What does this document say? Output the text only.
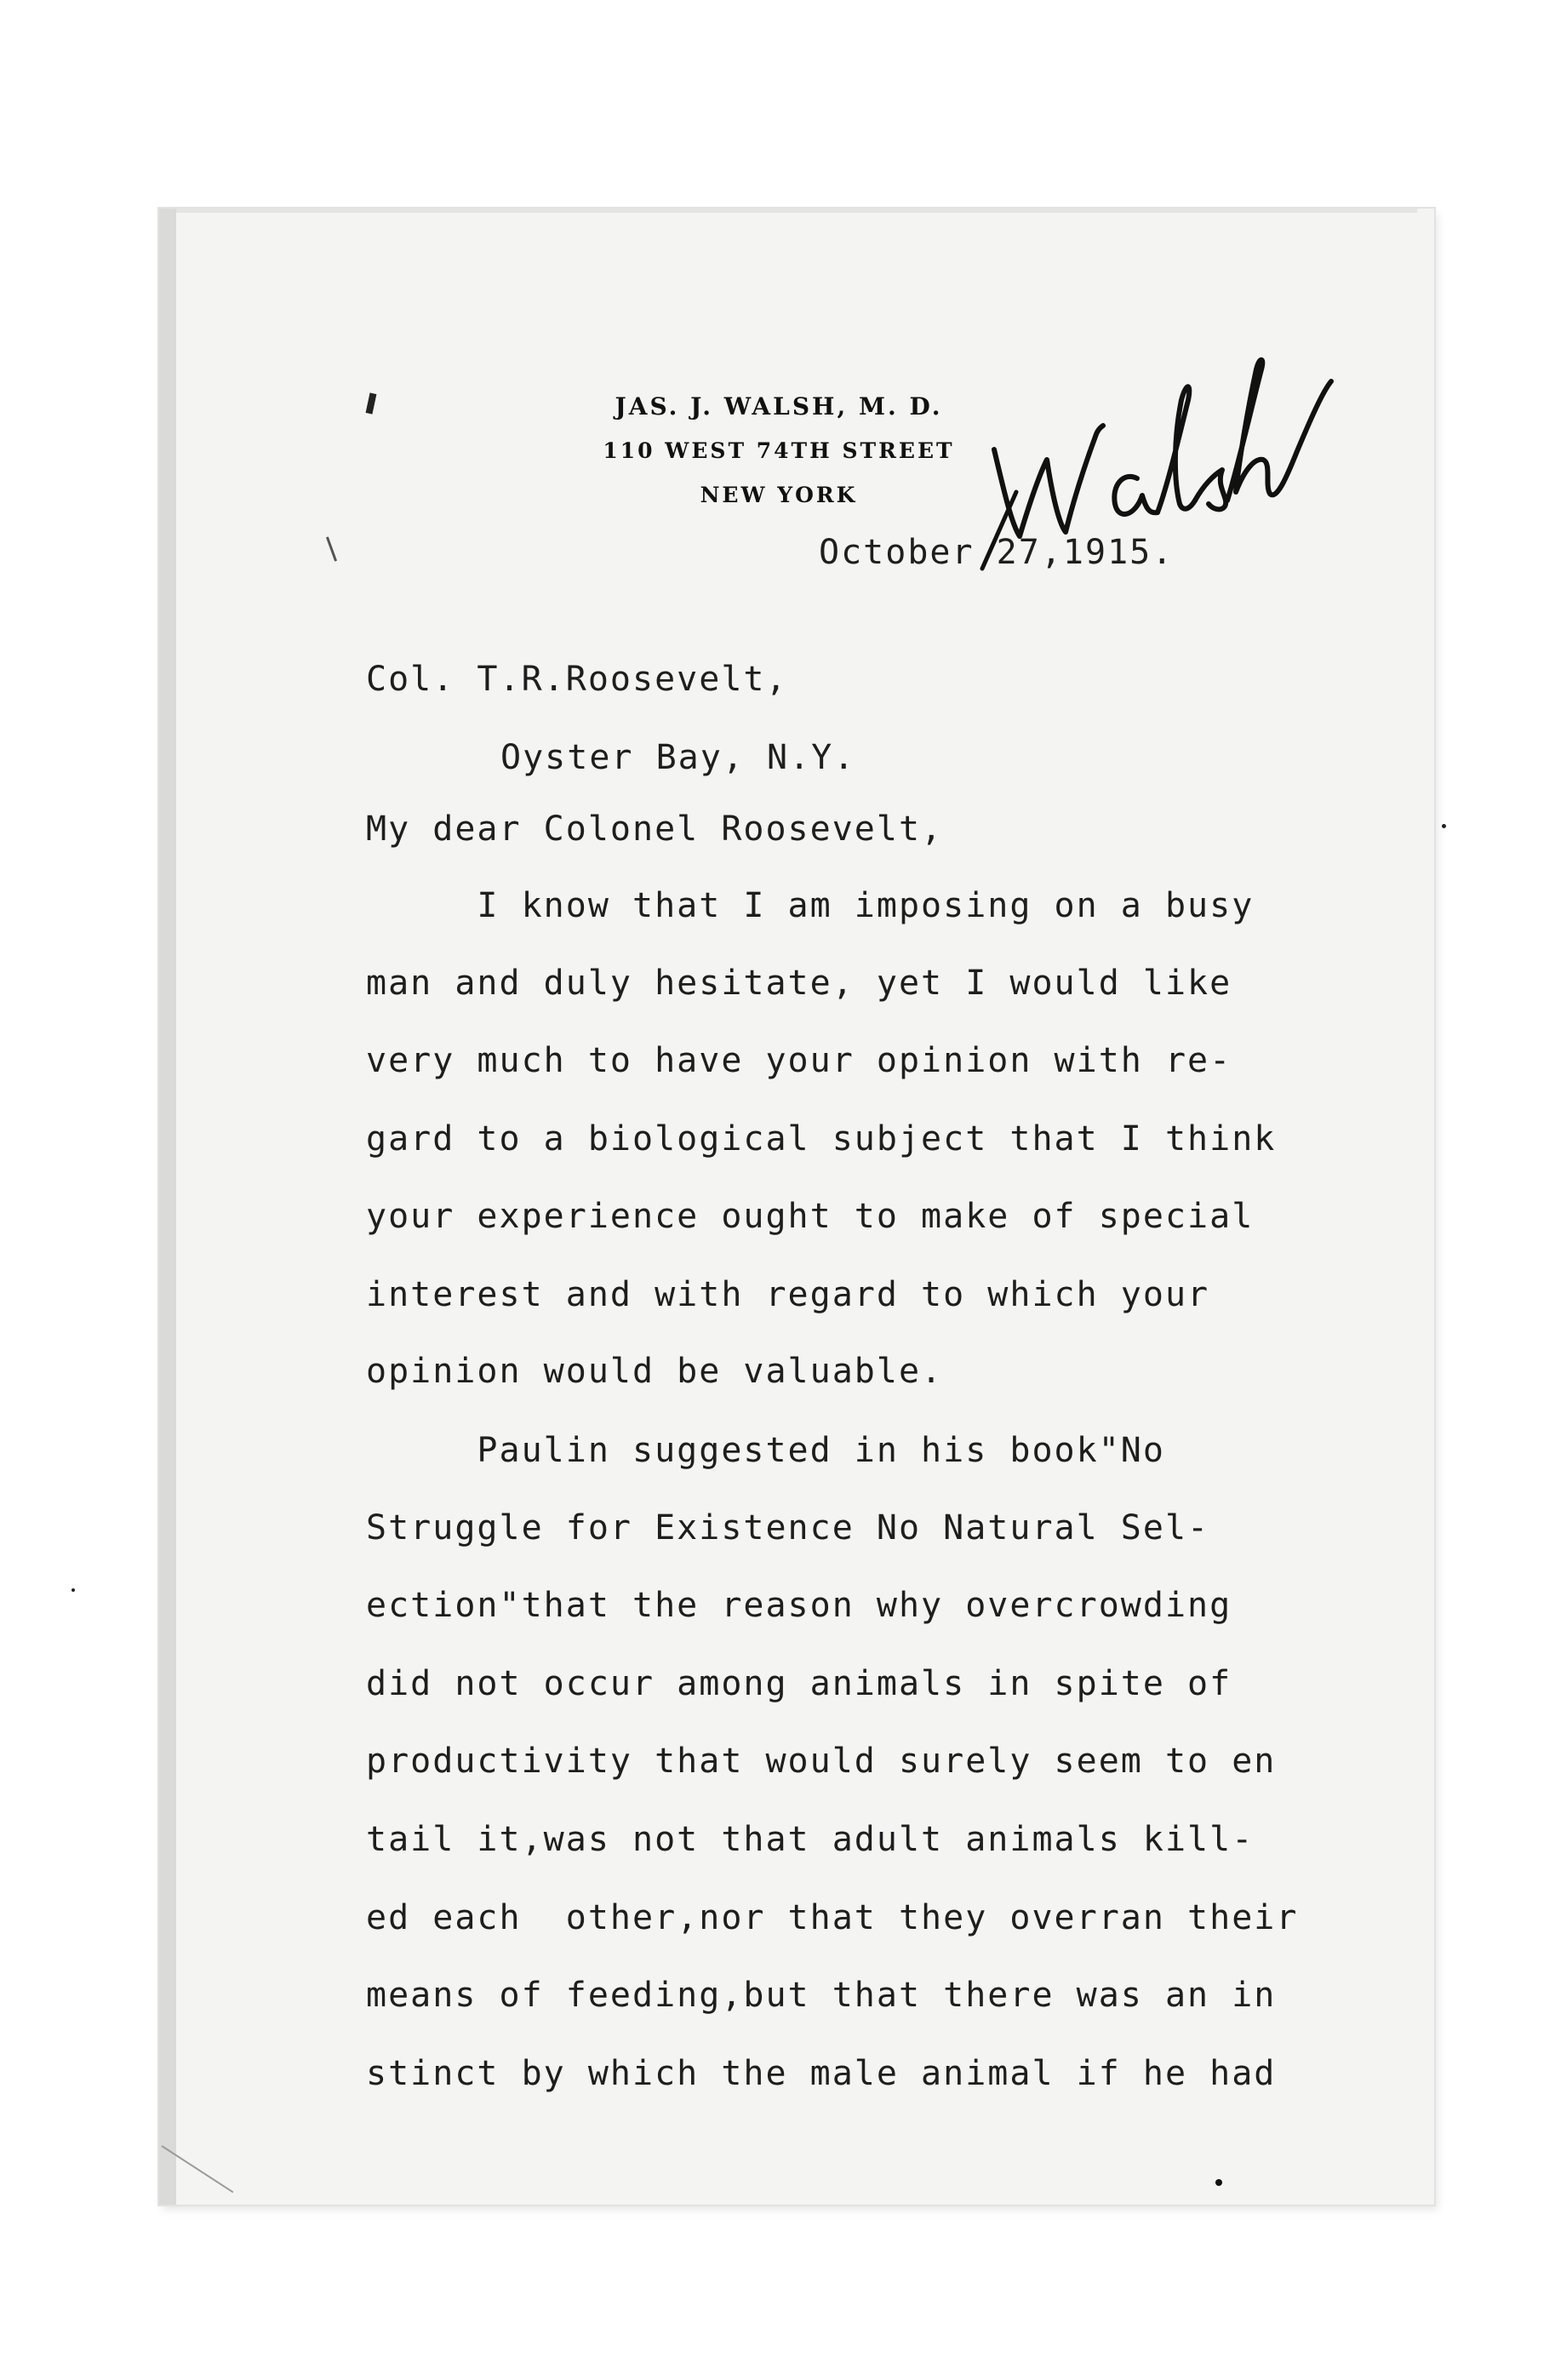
JAS. J. WALSH, M. D.
110 WEST 74TH STREET
NEW YORK
October 27,1915.
Col. T.R.Roosevelt,
Oyster Bay, N.Y.
My dear Colonel Roosevelt,
I know that I am imposing on a busy
man and duly hesitate, yet I would like
very much to have your opinion with re-
gard to a biological subject that I think
your experience ought to make of special
interest and with regard to which your
opinion would be valuable.
Paulin suggested in his book"No
Struggle for Existence No Natural Sel-
ection"that the reason why overcrowding
did not occur among animals in spite of
productivity that would surely seem to en
tail it,was not that adult animals kill-
ed each  other,nor that they overran their
means of feeding,but that there was an in
stinct by which the male animal if he had
